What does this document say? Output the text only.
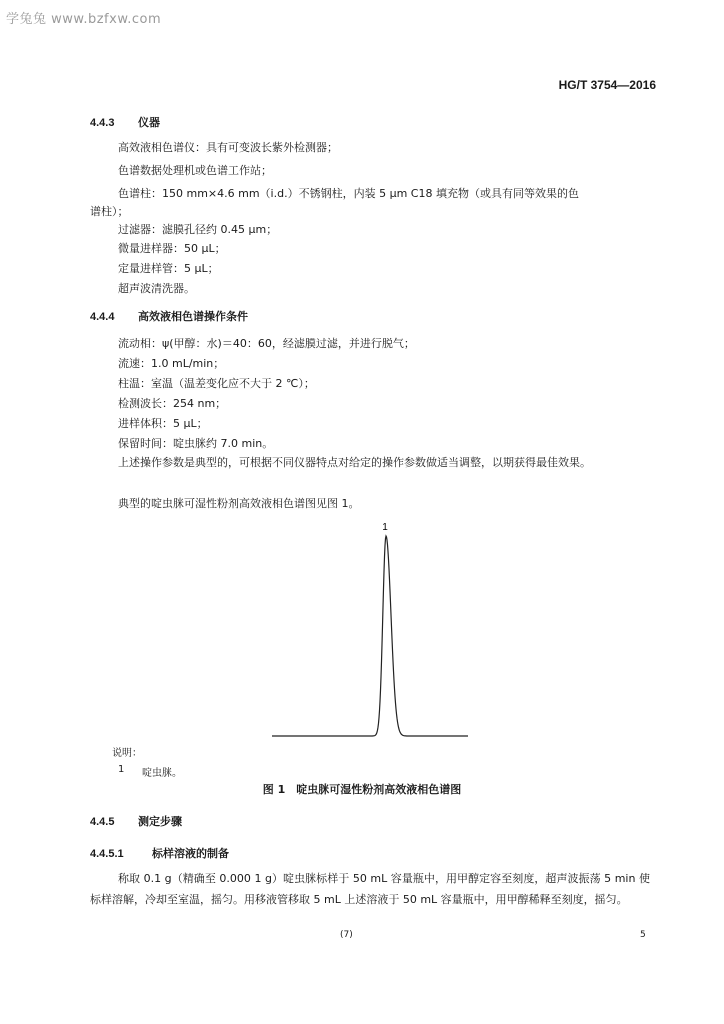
学兔兔 www.bzfxw.com
HG/T 3754—2016
4.4.3 仪器
高效液相色谱仪：具有可变波长紫外检测器；
色谱数据处理机或色谱工作站；
色谱柱：150 mm×4.6 mm（i.d.）不锈钢柱，内装 5 μm C18 填充物（或具有同等效果的色
谱柱）；
过滤器：滤膜孔径约 0.45 μm；
微量进样器：50 μL；
定量进样管：5 μL；
超声波清洗器。
4.4.4 高效液相色谱操作条件
流动相：ψ(甲醇：水)＝40：60，经滤膜过滤，并进行脱气；
流速：1.0 mL/min；
柱温：室温（温差变化应不大于 2 ℃）；
检测波长：254 nm；
进样体积：5 μL；
保留时间：啶虫脒约 7.0 min。
上述操作参数是典型的，可根据不同仪器特点对给定的操作参数做适当调整，以期获得最佳效果。
典型的啶虫脒可湿性粉剂高效液相色谱图见图 1。
1
说明：
1 啶虫脒。
图 1　啶虫脒可湿性粉剂高效液相色谱图
4.4.5 测定步骤
4.4.5.1	标样溶液的制备
称取 0.1 g（精确至 0.000 1 g）啶虫脒标样于 50 mL 容量瓶中，用甲醇定容至刻度，超声波振荡 5 min 使标样溶解，冷却至室温，摇匀。用移液管移取 5 mL 上述溶液于 50 mL 容量瓶中，用甲醇稀释至刻度，摇匀。
(7)	5
